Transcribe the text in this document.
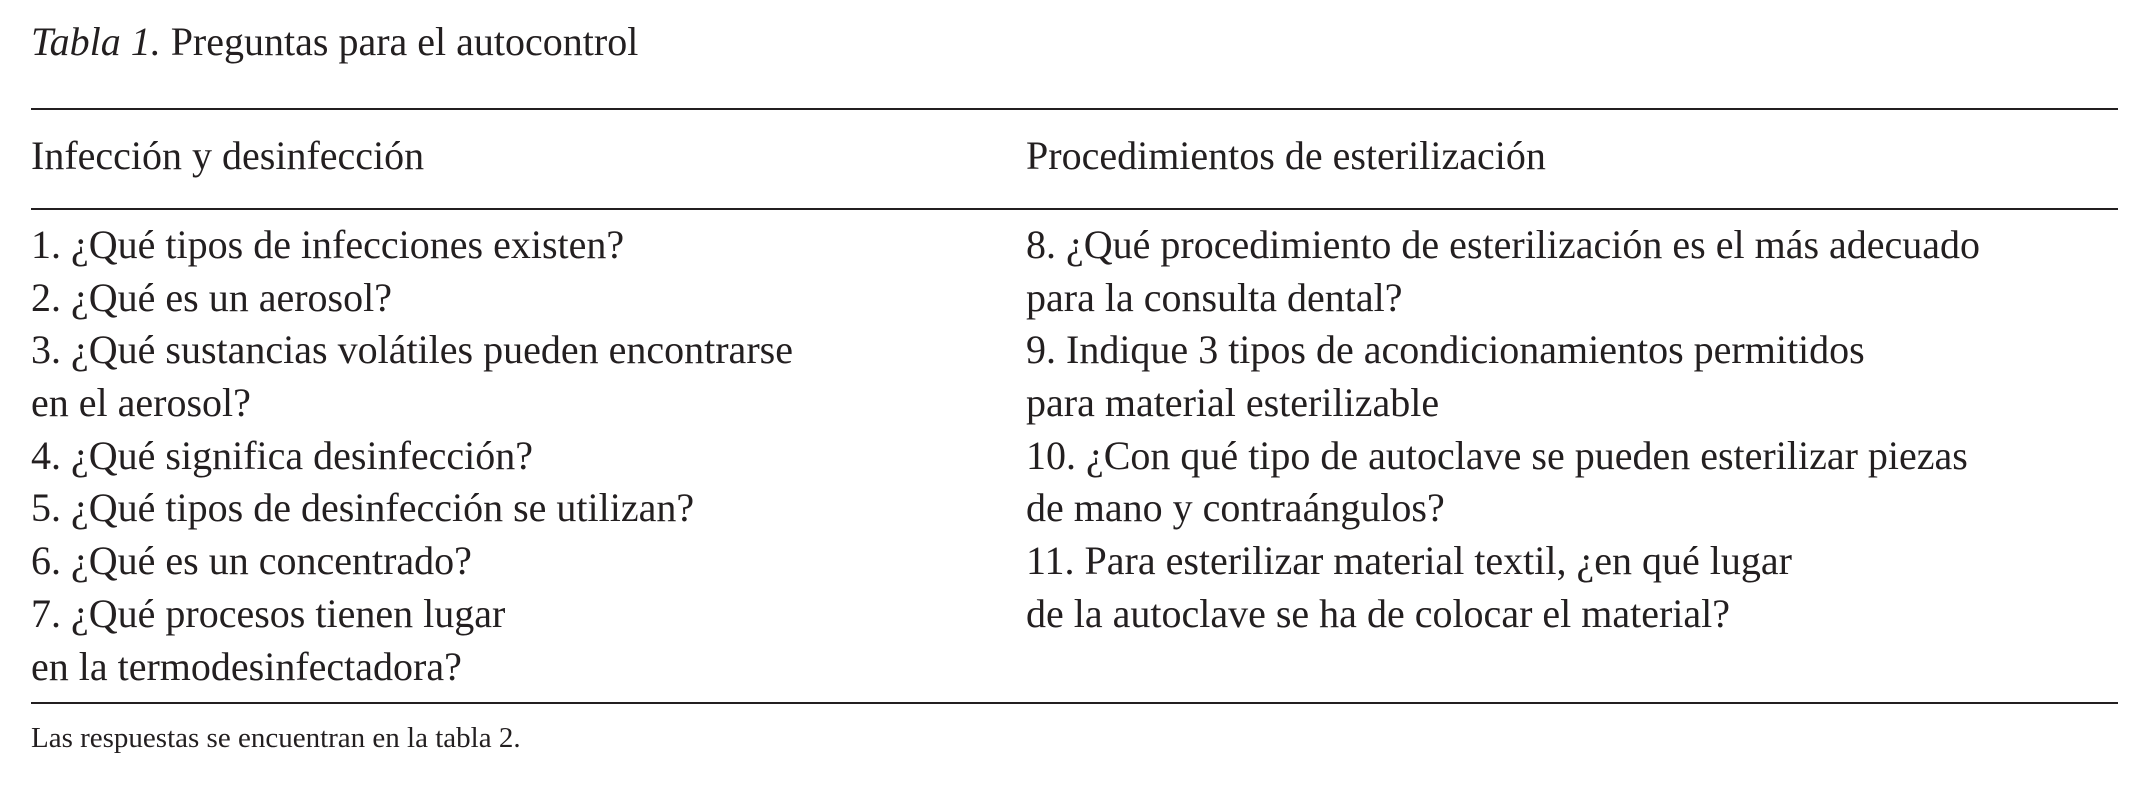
Tabla 1. Preguntas para el autocontrol
Infección y desinfección	Procedimientos de esterilización
1. ¿Qué tipos de infecciones existen?
2. ¿Qué es un aerosol?
3. ¿Qué sustancias volátiles pueden encontrarse
en el aerosol?
4. ¿Qué significa desinfección?
5. ¿Qué tipos de desinfección se utilizan?
6. ¿Qué es un concentrado?
7. ¿Qué procesos tienen lugar
en la termodesinfectadora?
8. ¿Qué procedimiento de esterilización es el más adecuado
para la consulta dental?
9. Indique 3 tipos de acondicionamientos permitidos
para material esterilizable
10. ¿Con qué tipo de autoclave se pueden esterilizar piezas
de mano y contraángulos?
11. Para esterilizar material textil, ¿en qué lugar
de la autoclave se ha de colocar el material?
Las respuestas se encuentran en la tabla 2.
